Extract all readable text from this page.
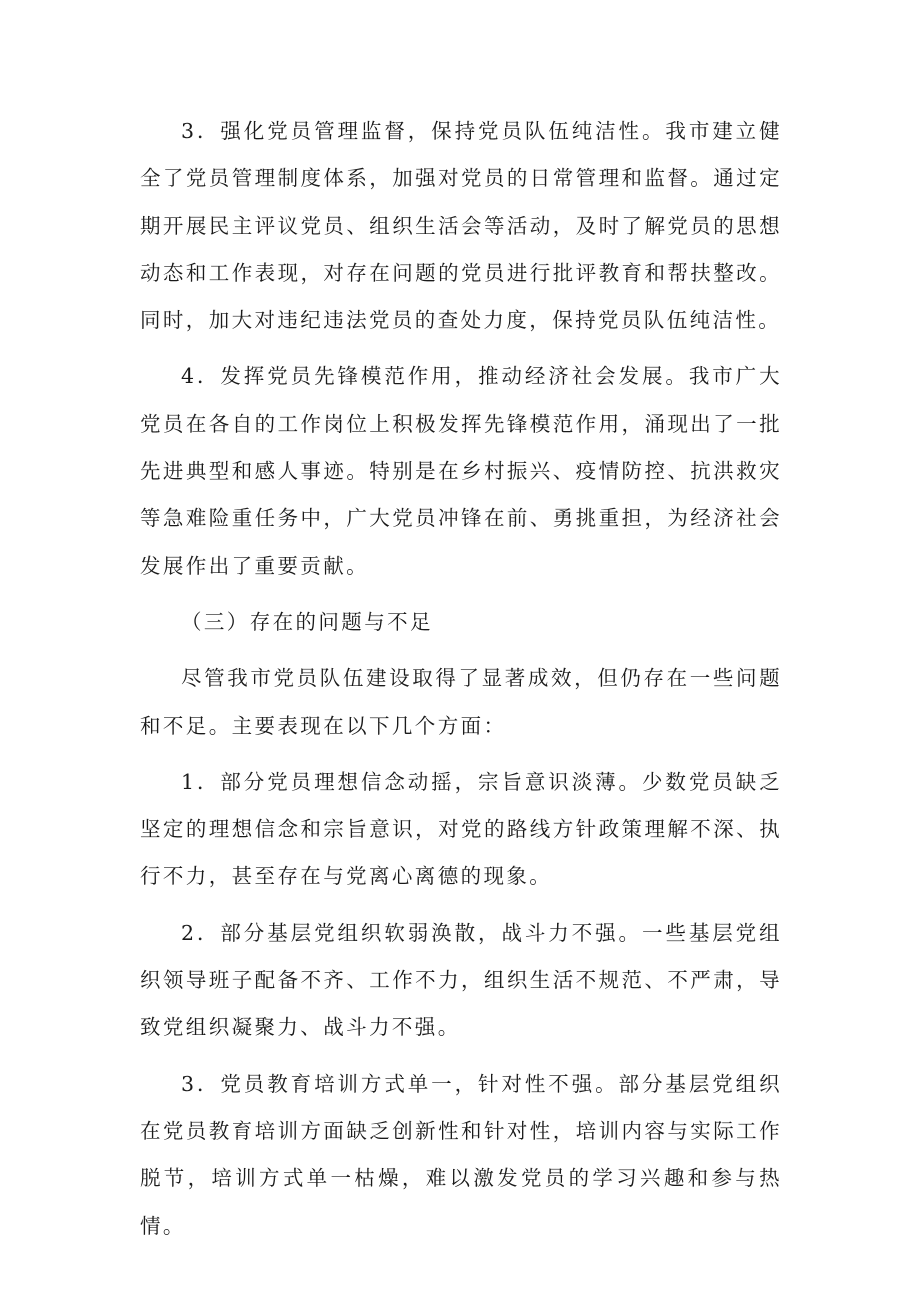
3．强化党员管理监督，保持党员队伍纯洁性。我市建立健全了党员管理制度体系，加强对党员的日常管理和监督。通过定期开展民主评议党员、组织生活会等活动，及时了解党员的思想动态和工作表现，对存在问题的党员进行批评教育和帮扶整改。同时，加大对违纪违法党员的查处力度，保持党员队伍纯洁性。

4．发挥党员先锋模范作用，推动经济社会发展。我市广大党员在各自的工作岗位上积极发挥先锋模范作用，涌现出了一批先进典型和感人事迹。特别是在乡村振兴、疫情防控、抗洪救灾等急难险重任务中，广大党员冲锋在前、勇挑重担，为经济社会发展作出了重要贡献。

（三）存在的问题与不足

尽管我市党员队伍建设取得了显著成效，但仍存在一些问题和不足。主要表现在以下几个方面：

1．部分党员理想信念动摇，宗旨意识淡薄。少数党员缺乏坚定的理想信念和宗旨意识，对党的路线方针政策理解不深、执行不力，甚至存在与党离心离德的现象。

2．部分基层党组织软弱涣散，战斗力不强。一些基层党组织领导班子配备不齐、工作不力，组织生活不规范、不严肃，导致党组织凝聚力、战斗力不强。

3．党员教育培训方式单一，针对性不强。部分基层党组织在党员教育培训方面缺乏创新性和针对性，培训内容与实际工作脱节，培训方式单一枯燥，难以激发党员的学习兴趣和参与热情。
